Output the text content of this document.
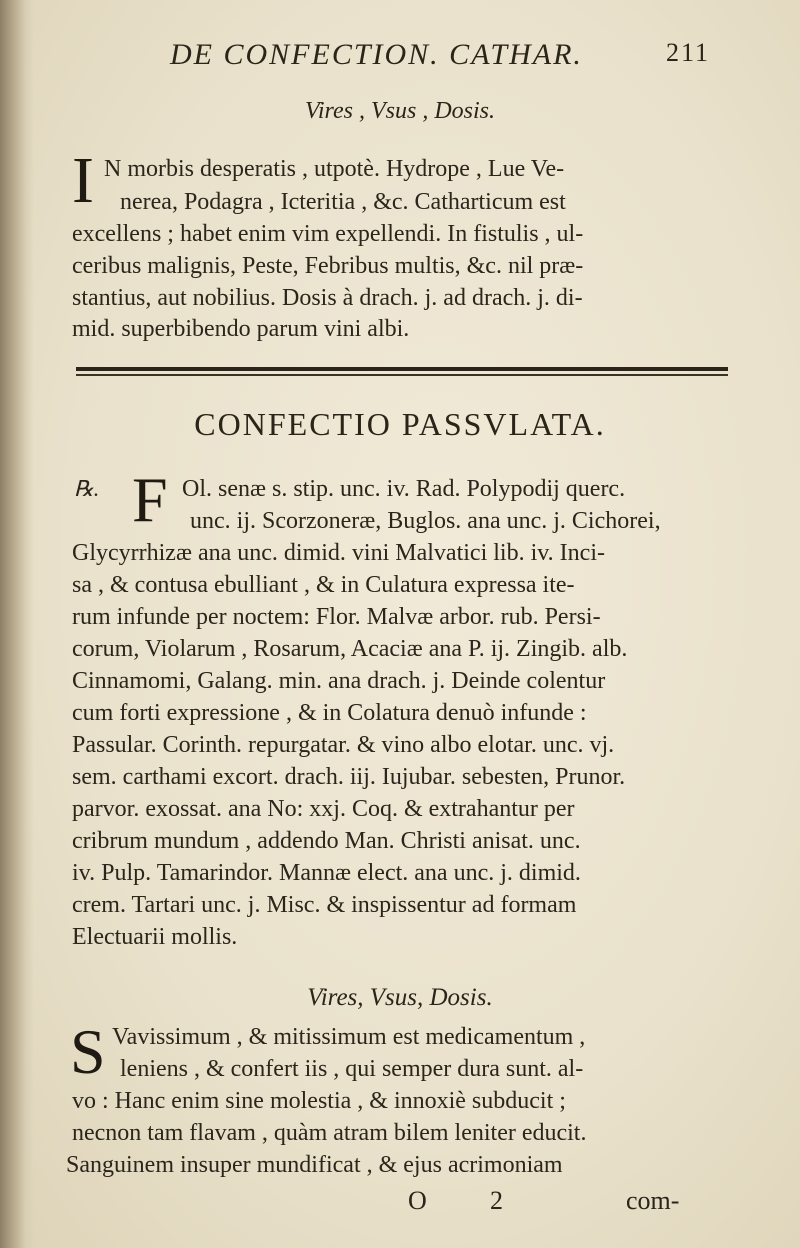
DE CONFECTION. CATHAR.	211
Vires , Vsus , Dosis.
I N morbis desperatis , utpotè. Hydrope , Lue Ve-
nerea, Podagra , Icteritia , &c. Catharticum est
excellens ; habet enim vim expellendi. In fistulis , ul-
ceribus malignis, Peste, Febribus multis, &c. nil præ-
stantius, aut nobilius. Dosis à drach. j. ad drach. j. di-
mid. superbibendo parum vini albi.
CONFECTIO PASSVLATA.
℞. F Ol. senæ s. stip. unc. iv. Rad. Polypodij querc.
unc. ij. Scorzoneræ, Buglos. ana unc. j. Cichorei,
Glycyrrhizæ ana unc. dimid. vini Malvatici lib. iv. Inci-
sa , & contusa ebulliant , & in Culatura expressa ite-
rum infunde per noctem: Flor. Malvæ arbor. rub. Persi-
corum, Violarum , Rosarum, Acaciæ ana P. ij. Zingib. alb.
Cinnamomi, Galang. min. ana drach. j. Deinde colentur
cum forti expressione , & in Colatura denuò infunde :
Passular. Corinth. repurgatar. & vino albo elotar. unc. vj.
sem. carthami excort. drach. iij. Iujubar. sebesten, Prunor.
parvor. exossat. ana No: xxj. Coq. & extrahantur per
cribrum mundum , addendo Man. Christi anisat. unc.
iv. Pulp. Tamarindor. Mannæ elect. ana unc. j. dimid.
crem. Tartari unc. j. Misc. & inspissentur ad formam
Electuarii mollis.
Vires, Vsus, Dosis.
S Vavissimum , & mitissimum est medicamentum ,
leniens , & confert iis , qui semper dura sunt. al-
vo : Hanc enim sine molestia , & innoxiè subducit ;
necnon tam flavam , quàm atram bilem leniter educit.
Sanguinem insuper mundificat , & ejus acrimoniam
O 2	com-
